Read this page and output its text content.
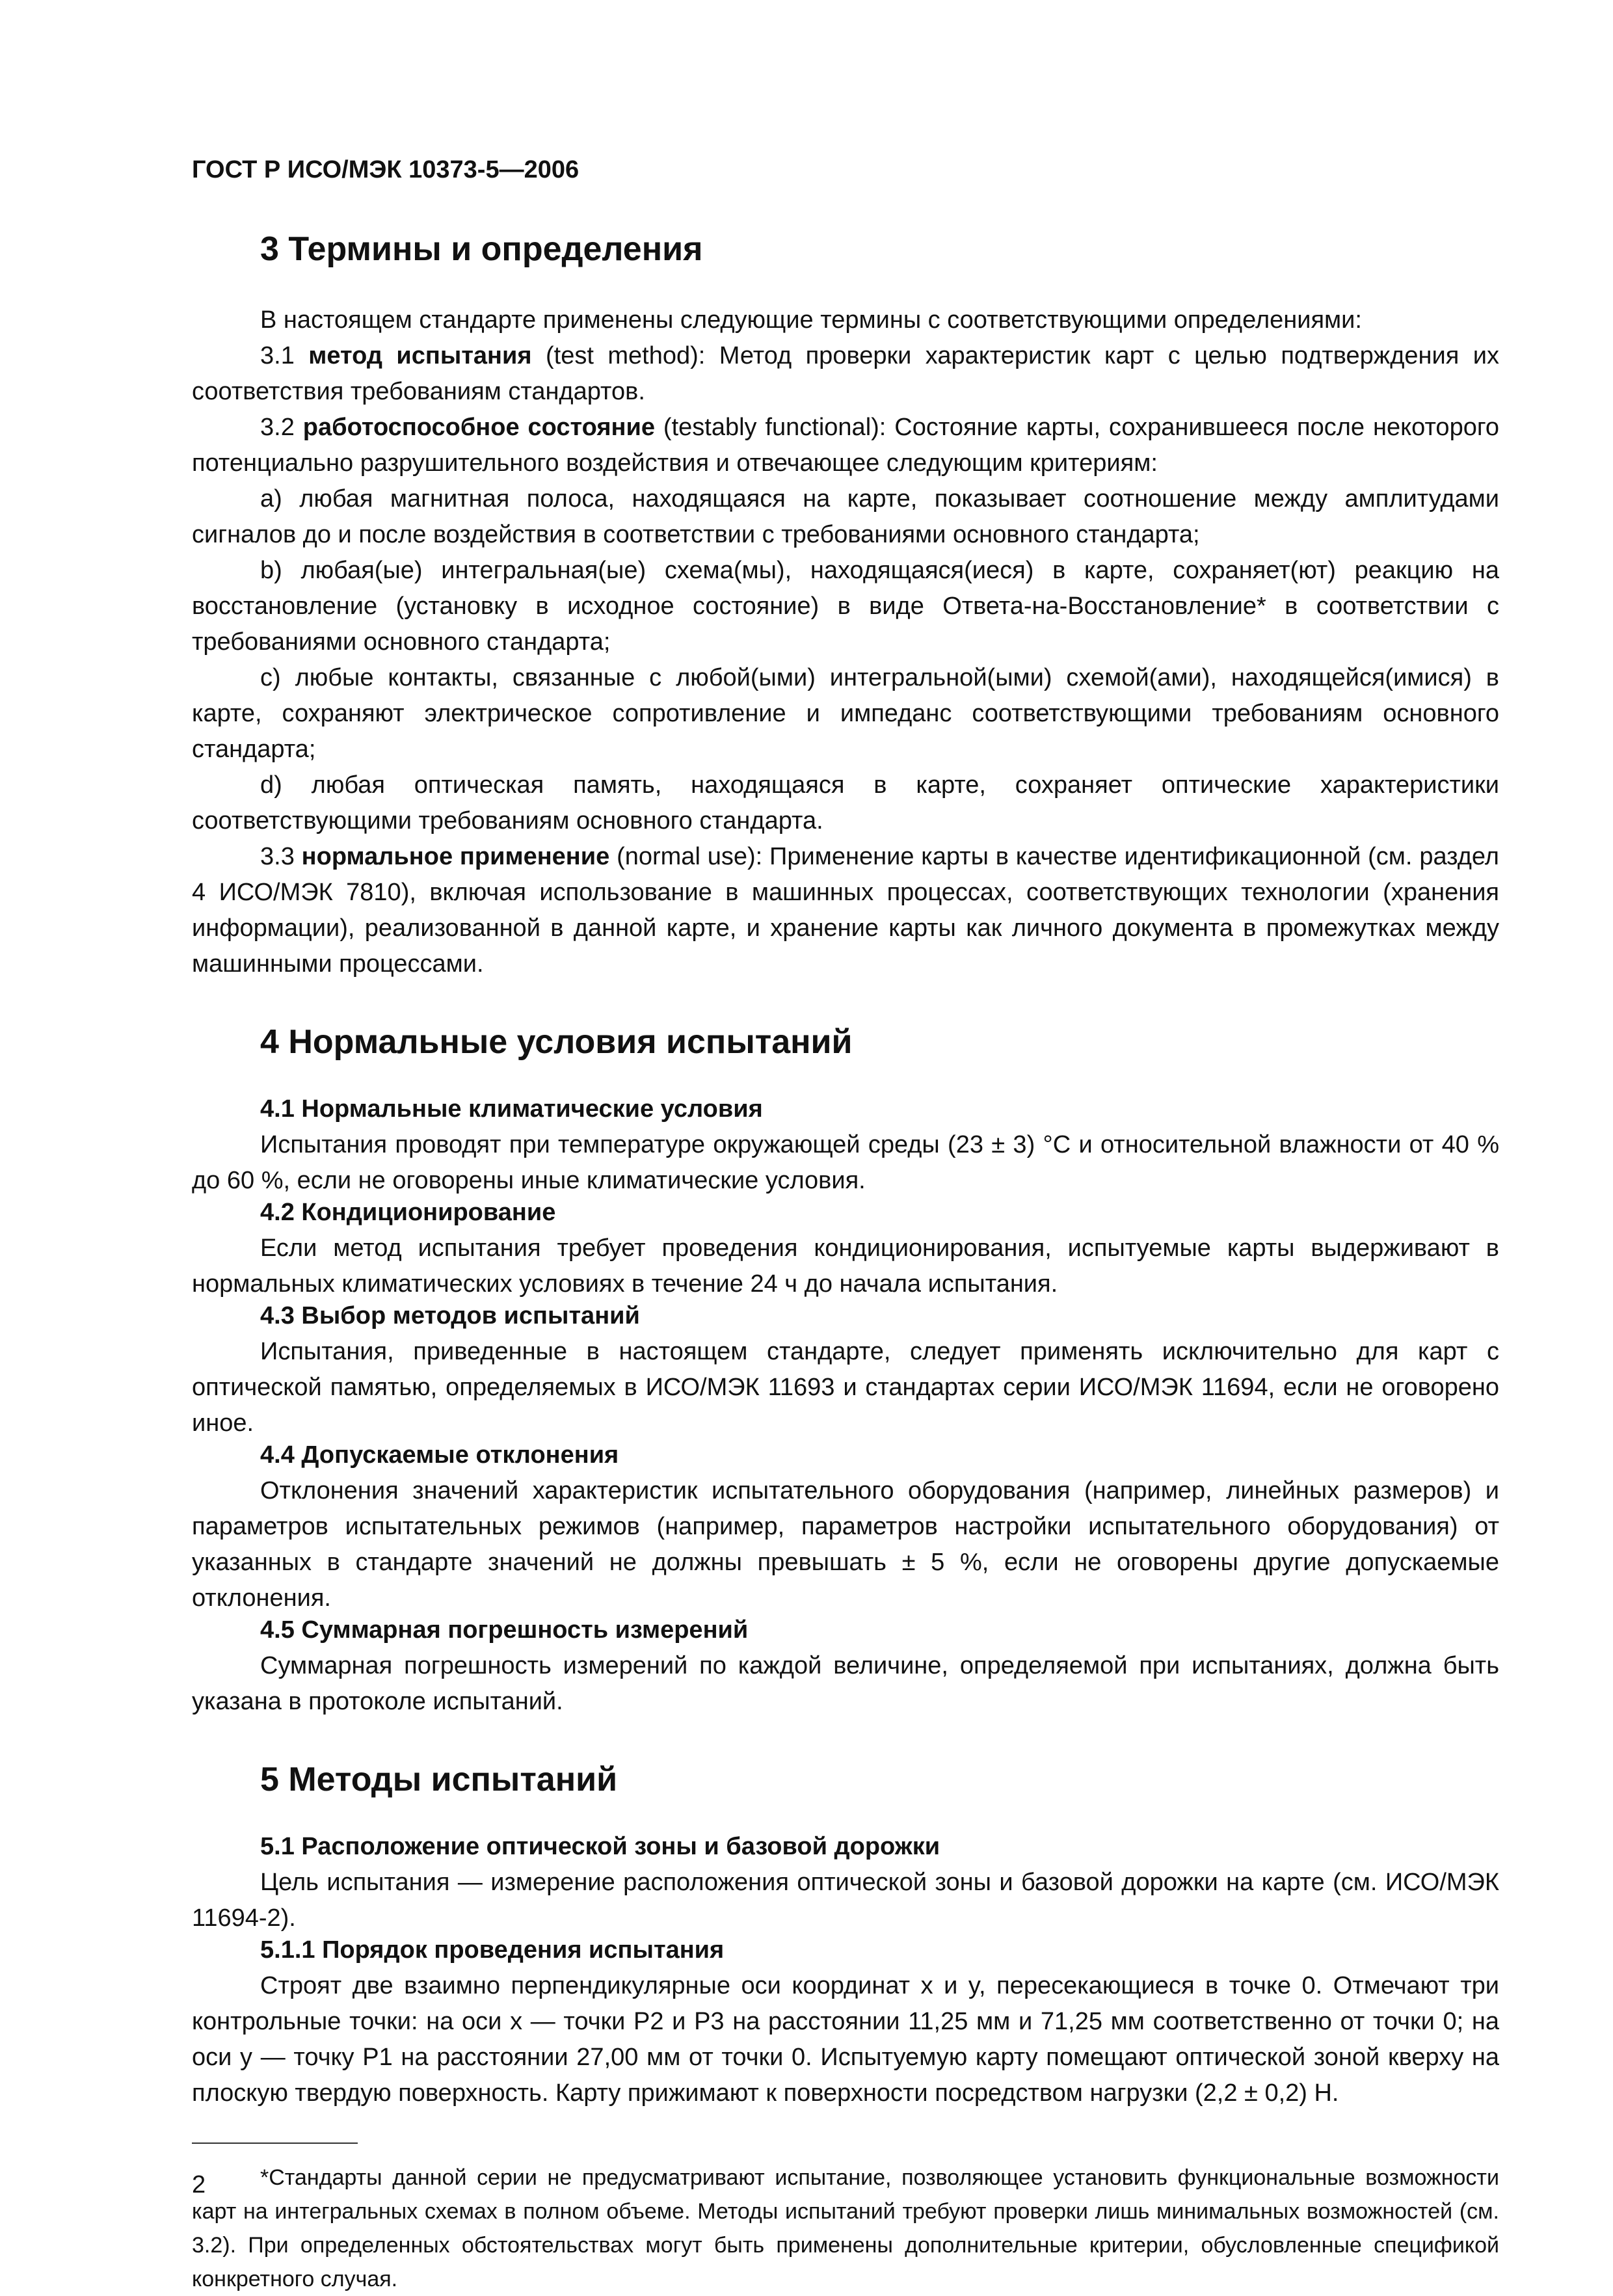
ГОСТ Р ИСО/МЭК 10373-5—2006
3 Термины и определения

В настоящем стандарте применены следующие термины с соответствующими определениями:

3.1 метод испытания (test method): Метод проверки характеристик карт с целью подтверждения их соответствия требованиям стандартов.

3.2 работоспособное состояние (testably functional): Состояние карты, сохранившееся после некоторого потенциально разрушительного воздействия и отвечающее следующим критериям:

a) любая магнитная полоса, находящаяся на карте, показывает соотношение между амплитудами сигналов до и после воздействия в соответствии с требованиями основного стандарта;

b) любая(ые) интегральная(ые) схема(мы), находящаяся(иеся) в карте, сохраняет(ют) реакцию на восстановление (установку в исходное состояние) в виде Ответа-на-Восстановление* в соответствии с требованиями основного стандарта;

c) любые контакты, связанные с любой(ыми) интегральной(ыми) схемой(ами), находящейся(имися) в карте, сохраняют электрическое сопротивление и импеданс соответствующими требованиям основного стандарта;

d) любая оптическая память, находящаяся в карте, сохраняет оптические характеристики соответствующими требованиям основного стандарта.

3.3 нормальное применение (normal use): Применение карты в качестве идентификационной (см. раздел 4 ИСО/МЭК 7810), включая использование в машинных процессах, соответствующих технологии (хранения информации), реализованной в данной карте, и хранение карты как личного документа в промежутках между машинными процессами.

4 Нормальные условия испытаний
4.1 Нормальные климатические условия

Испытания проводят при температуре окружающей среды (23 ± 3) °С и относительной влажности от 40 % до 60 %, если не оговорены иные климатические условия.

4.2 Кондиционирование

Если метод испытания требует проведения кондиционирования, испытуемые карты выдерживают в нормальных климатических условиях в течение 24 ч до начала испытания.

4.3 Выбор методов испытаний

Испытания, приведенные в настоящем стандарте, следует применять исключительно для карт с оптической памятью, определяемых в ИСО/МЭК 11693 и стандартах серии ИСО/МЭК 11694, если не оговорено иное.

4.4 Допускаемые отклонения

Отклонения значений характеристик испытательного оборудования (например, линейных размеров) и параметров испытательных режимов (например, параметров настройки испытательного оборудования) от указанных в стандарте значений не должны превышать ± 5 %, если не оговорены другие допускаемые отклонения.

4.5 Суммарная погрешность измерений

Суммарная погрешность измерений по каждой величине, определяемой при испытаниях, должна быть указана в протоколе испытаний.

5 Методы испытаний
5.1 Расположение оптической зоны и базовой дорожки

Цель испытания — измерение расположения оптической зоны и базовой дорожки на карте (см. ИСО/МЭК 11694-2).

5.1.1 Порядок проведения испытания

Строят две взаимно перпендикулярные оси координат x и y, пересекающиеся в точке 0. Отмечают три контрольные точки: на оси x — точки P2 и P3 на расстоянии 11,25 мм и 71,25 мм соответственно от точки 0; на оси y — точку P1 на расстоянии 27,00 мм от точки 0. Испытуемую карту помещают оптической зоной кверху на плоскую твердую поверхность. Карту прижимают к поверхности посредством нагрузки (2,2 ± 0,2) Н.

*Стандарты данной серии не предусматривают испытание, позволяющее установить функциональные возможности карт на интегральных схемах в полном объеме. Методы испытаний требуют проверки лишь минимальных возможностей (см. 3.2). При определенных обстоятельствах могут быть применены дополнительные критерии, обусловленные спецификой конкретного случая.

2
